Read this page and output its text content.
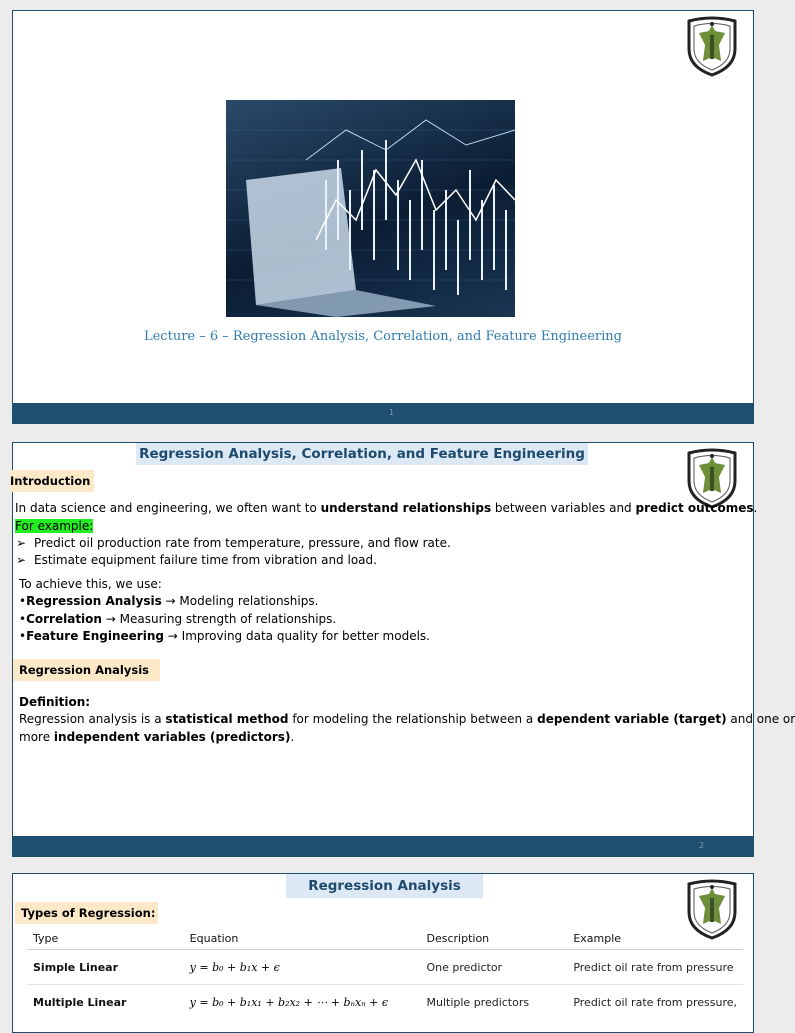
Lecture – 6 – Regression Analysis, Correlation, and Feature Engineering
1
Regression Analysis, Correlation, and Feature Engineering
Introduction
In data science and engineering, we often want to understand relationships between variables and predict outcomes.
For example:
➢ Predict oil production rate from temperature, pressure, and flow rate.
➢ Estimate equipment failure time from vibration and load.
To achieve this, we use:
•Regression Analysis → Modeling relationships.
•Correlation → Measuring strength of relationships.
•Feature Engineering → Improving data quality for better models.
Regression Analysis
Definition:
Regression analysis is a statistical method for modeling the relationship between a dependent variable (target) and one or
more independent variables (predictors).
2
Regression Analysis
Types of Regression:
Type	Equation	Description	Example
Simple Linear	y = b₀ + b₁x + ϵ	One predictor	Predict oil rate from pressure
Multiple Linear	y = b₀ + b₁x₁ + b₂x₂ + ⋯ + bₙxₙ + ϵ	Multiple predictors	Predict oil rate from pressure,
